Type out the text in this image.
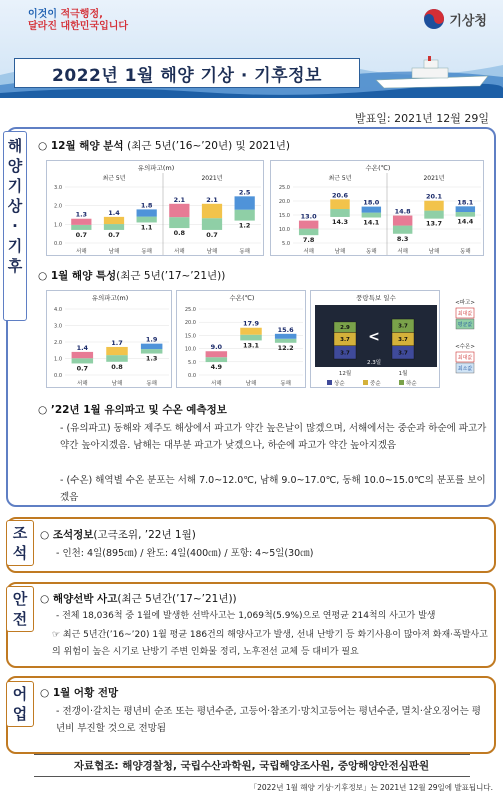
이것이 적극행정,
달라진 대한민국입니다	기상청
2022년 1월 해양 기상 · 기후정보
발표일: 2021년 12월 29일
해
양
기
상
·
기
후
○ 12월 해양 분석 (최근 5년(’16~’20년) 및 2021년)
유의파고(m)
3.0
2.0
1.0
0.0
최근 5년
1.3
0.7
서해
1.4
0.7
남해
1.8
1.1
동해
2021년
2.1
0.8
서해
2.1
0.7
남해
2.5
1.2
동해
수온(℃)
25.0
20.0
15.0
10.0
5.0
최근 5년
13.0
7.8
서해
20.6
14.3
남해
18.0
14.1
동해
2021년
14.8
8.3
서해
20.1
13.7
남해
18.1
14.4
동해
○ 1월 해양 특성(최근 5년(’17~’21년))
유의파고(m)
4.0
3.0
2.0
1.0
0.0
1.4
0.7
서해
1.7
0.8
남해
1.9
1.3
동해
수온(℃)
25.0
20.0
15.0
10.0
5.0
0.0
9.0
4.9
서해
17.9
13.1
남해
15.6
12.2
동해
풍랑특보 일수
3.7
3.7
2.9
12월
3.7
3.7
3.7
1월
<
2.3일
상순	중순	하순
<파고>
최대값
평균값
<수온>
최대값
최소값
○ ’22년 1월 유의파고 및 수온 예측정보
- (유의파고) 동해와 제주도 해상에서 파고가 약간 높은날이 많겠으며, 서해에서는 중순과 하순에 파고가 약간 높아지겠음. 남해는 대부분 파고가 낮겠으나, 하순에 파고가 약간 높아지겠음
- (수온) 해역별 수온 분포는 서해 7.0~12.0℃, 남해 9.0~17.0℃, 동해 10.0~15.0℃의 분포를 보이겠음
조
석
○ 조석정보(고극조위, ’22년 1월)
- 인천: 4일(895㎝) / 완도: 4일(400㎝) / 포항: 4~5일(30㎝)
안
전
○ 해양선박 사고(최근 5년간(’17~’21년))
- 전체 18,036척 중 1월에 발생한 선박사고는 1,069척(5.9%)으로 연평균 214척의 사고가 발생
☞ 최근 5년간(’16~’20) 1월 평균 186건의 해양사고가 발생, 선내 난방기 등 화기사용이 많아져 화재·폭발사고의 위험이 높은 시기로 난방기 주변 인화물 정리, 노후전선 교체 등 대비가 필요
어
업
○ 1월 어황 전망
- 전갱이·갈치는 평년비 순조 또는 평년수준, 고등어·참조기·망치고등어는 평년수준, 멸치·살오징어는 평년비 부진할 것으로 전망됨
자료협조: 해양경찰청, 국립수산과학원, 국립해양조사원, 중앙해양안전심판원
「2022년 1월 해양 기상·기후정보」는 2021년 12월 29일에 발표됩니다.
